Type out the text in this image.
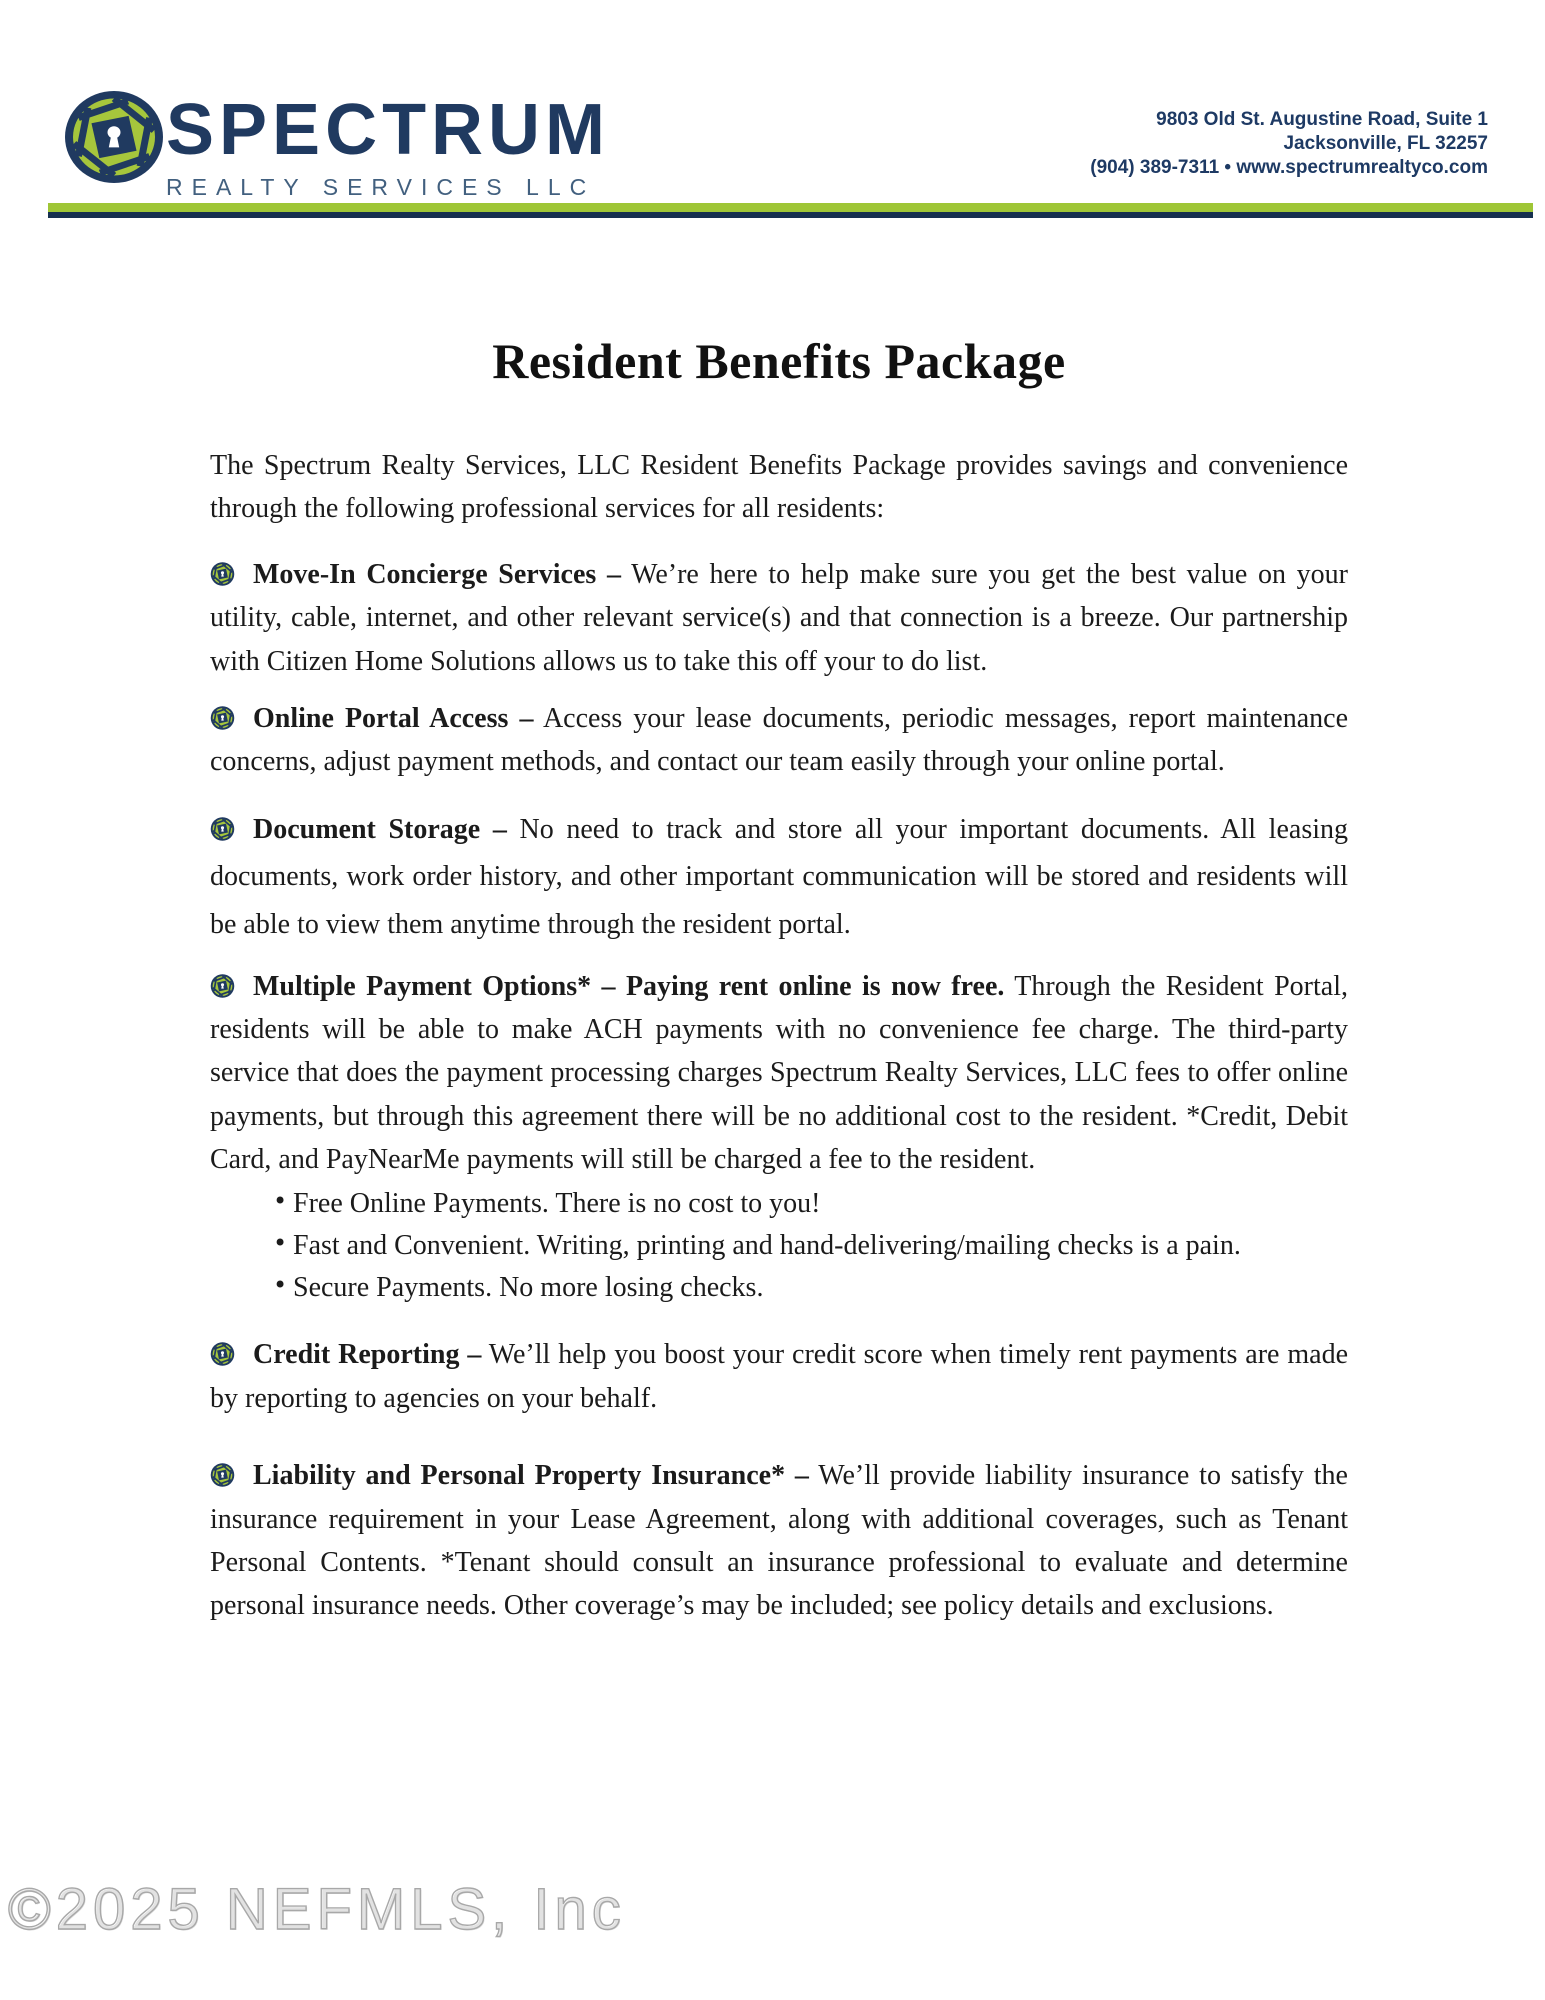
SPECTRUM
REALTY SERVICES LLC
9803 Old St. Augustine Road, Suite 1
Jacksonville, FL 32257
(904) 389-7311 • www.spectrumrealtyco.com
Resident Benefits Package

The Spectrum Realty Services, LLC Resident Benefits Package provides savings and convenience through the following professional services for all residents:

Move-In Concierge Services – We’re here to help make sure you get the best value on your utility, cable, internet, and other relevant service(s) and that connection is a breeze. Our partnership with Citizen Home Solutions allows us to take this off your to do list.

Online Portal Access – Access your lease documents, periodic messages, report maintenance concerns, adjust payment methods, and contact our team easily through your online portal.

Document Storage – No need to track and store all your important documents. All leasing documents, work order history, and other important communication will be stored and residents will be able to view them anytime through the resident portal.

Multiple Payment Options* – Paying rent online is now free. Through the Resident Portal, residents will be able to make ACH payments with no convenience fee charge. The third-party service that does the payment processing charges Spectrum Realty Services, LLC fees to offer online payments, but through this agreement there will be no additional cost to the resident. *Credit, Debit Card, and PayNearMe payments will still be charged a fee to the resident.

• Free Online Payments. There is no cost to you!
• Fast and Convenient. Writing, printing and hand-delivering/mailing checks is a pain.
• Secure Payments. No more losing checks.

Credit Reporting – We’ll help you boost your credit score when timely rent payments are made by reporting to agencies on your behalf.

Liability and Personal Property Insurance* – We’ll provide liability insurance to satisfy the insurance requirement in your Lease Agreement, along with additional coverages, such as Tenant Personal Contents. *Tenant should consult an insurance professional to evaluate and determine personal insurance needs. Other coverage’s may be included; see policy details and exclusions.

©2025 NEFMLS, Inc
